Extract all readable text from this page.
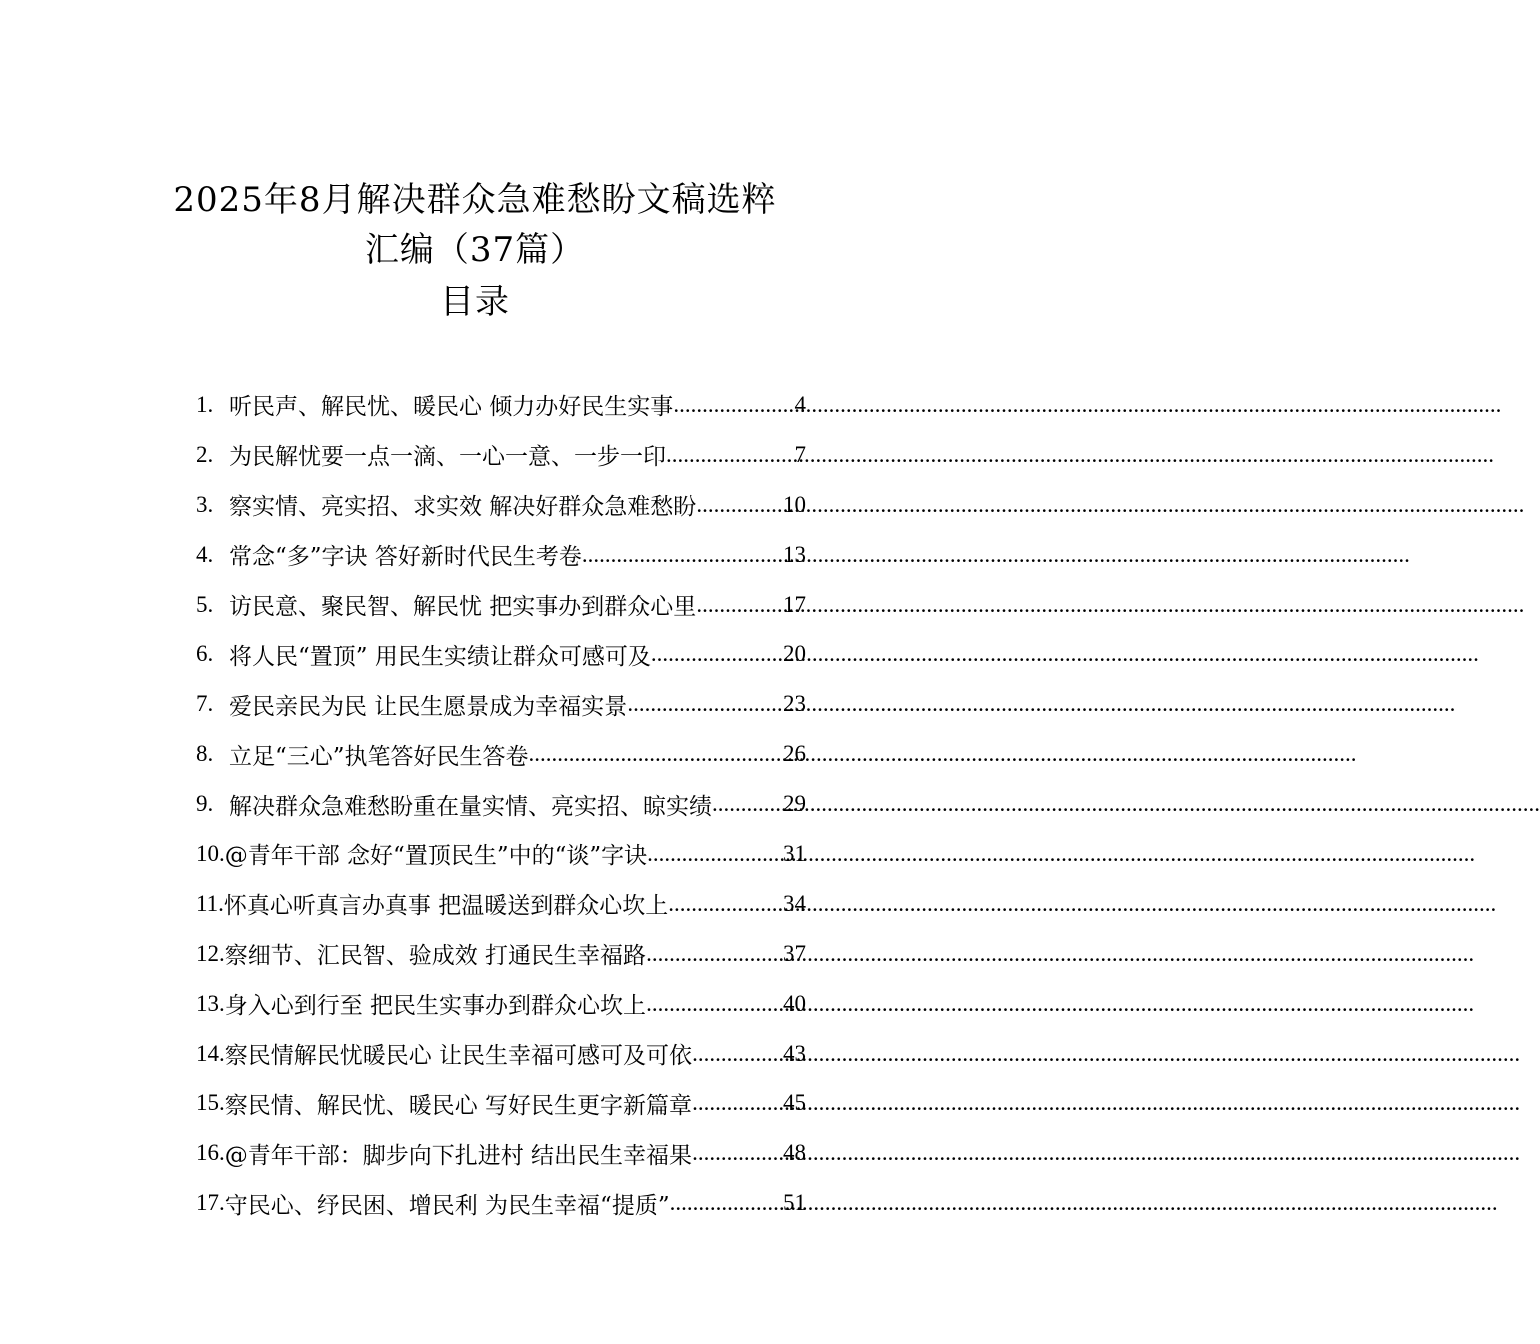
2025年8月解决群众急难愁盼文稿选粹
汇编（37篇）
目录
1. 听民声、解民忧、暖民心 倾力办好民生实事 .....	4
2. 为民解忧要一点一滴、一心一意、一步一印 .....	7
3. 察实情、亮实招、求实效 解决好群众急难愁盼 .....	10
4. 常念“多”字诀 答好新时代民生考卷 .....	13
5. 访民意、聚民智、解民忧 把实事办到群众心里 .....	17
6. 将人民“置顶” 用民生实绩让群众可感可及 .....	20
7. 爱民亲民为民 让民生愿景成为幸福实景 .....	23
8. 立足“三心”执笔答好民生答卷 .....	26
9. 解决群众急难愁盼重在量实情、亮实招、晾实绩 .....	29
10. @青年干部 念好“置顶民生”中的“谈”字诀 .....	31
11. 怀真心听真言办真事 把温暖送到群众心坎上 .....	34
12. 察细节、汇民智、验成效 打通民生幸福路 .....	37
13. 身入心到行至 把民生实事办到群众心坎上 .....	40
14. 察民情解民忧暖民心 让民生幸福可感可及可依 .....	43
15. 察民情、解民忧、暖民心 写好民生更字新篇章 .....	45
16. @青年干部：脚步向下扎进村 结出民生幸福果 .....	48
17. 守民心、纾民困、增民利 为民生幸福“提质” .....	51
